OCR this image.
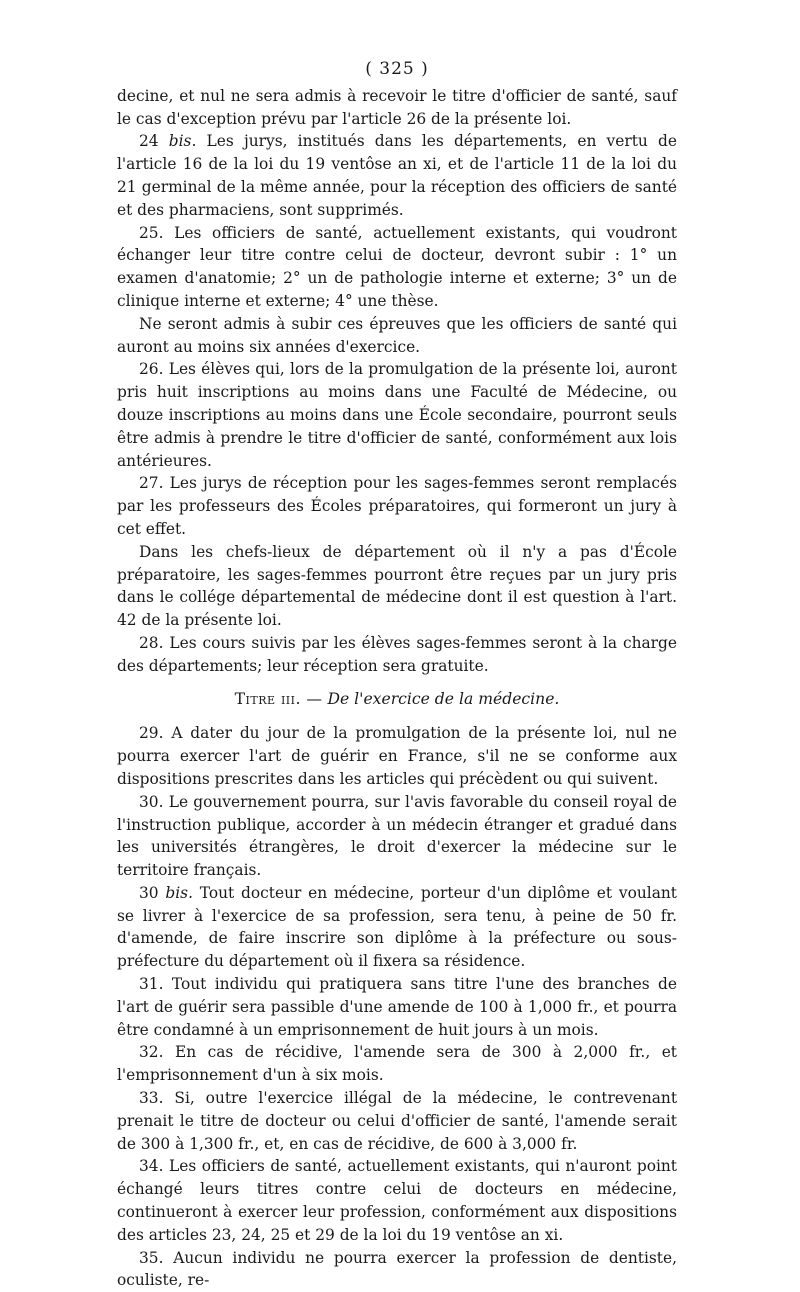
( 325 )

decine, et nul ne sera admis à recevoir le titre d'officier de santé, sauf le cas d'exception prévu par l'article 26 de la présente loi.

24 bis. Les jurys, institués dans les départements, en vertu de l'article 16 de la loi du 19 ventôse an xi, et de l'article 11 de la loi du 21 germinal de la même année, pour la réception des officiers de santé et des pharmaciens, sont supprimés.

25. Les officiers de santé, actuellement existants, qui voudront échanger leur titre contre celui de docteur, devront subir : 1° un examen d'anatomie; 2° un de pathologie interne et externe; 3° un de clinique interne et externe; 4° une thèse.

Ne seront admis à subir ces épreuves que les officiers de santé qui auront au moins six années d'exercice.

26. Les élèves qui, lors de la promulgation de la présente loi, auront pris huit inscriptions au moins dans une Faculté de Médecine, ou douze inscriptions au moins dans une École secondaire, pourront seuls être admis à prendre le titre d'officier de santé, conformément aux lois antérieures.

27. Les jurys de réception pour les sages-femmes seront remplacés par les professeurs des Écoles préparatoires, qui formeront un jury à cet effet.

Dans les chefs-lieux de département où il n'y a pas d'École préparatoire, les sages-femmes pourront être reçues par un jury pris dans le collége départemental de médecine dont il est question à l'art. 42 de la présente loi.

28. Les cours suivis par les élèves sages-femmes seront à la charge des départements; leur réception sera gratuite.

Titre iii. — De l'exercice de la médecine.

29. A dater du jour de la promulgation de la présente loi, nul ne pourra exercer l'art de guérir en France, s'il ne se conforme aux dispositions prescrites dans les articles qui précèdent ou qui suivent.

30. Le gouvernement pourra, sur l'avis favorable du conseil royal de l'instruction publique, accorder à un médecin étranger et gradué dans les universités étrangères, le droit d'exercer la médecine sur le territoire français.

30 bis. Tout docteur en médecine, porteur d'un diplôme et voulant se livrer à l'exercice de sa profession, sera tenu, à peine de 50 fr. d'amende, de faire inscrire son diplôme à la préfecture ou sous-préfecture du département où il fixera sa résidence.

31. Tout individu qui pratiquera sans titre l'une des branches de l'art de guérir sera passible d'une amende de 100 à 1,000 fr., et pourra être condamné à un emprisonnement de huit jours à un mois.

32. En cas de récidive, l'amende sera de 300 à 2,000 fr., et l'emprisonnement d'un à six mois.

33. Si, outre l'exercice illégal de la médecine, le contrevenant prenait le titre de docteur ou celui d'officier de santé, l'amende serait de 300 à 1,300 fr., et, en cas de récidive, de 600 à 3,000 fr.

34. Les officiers de santé, actuellement existants, qui n'auront point échangé leurs titres contre celui de docteurs en médecine, continueront à exercer leur profession, conformément aux dispositions des articles 23, 24, 25 et 29 de la loi du 19 ventôse an xi.

35. Aucun individu ne pourra exercer la profession de dentiste, oculiste, re-
